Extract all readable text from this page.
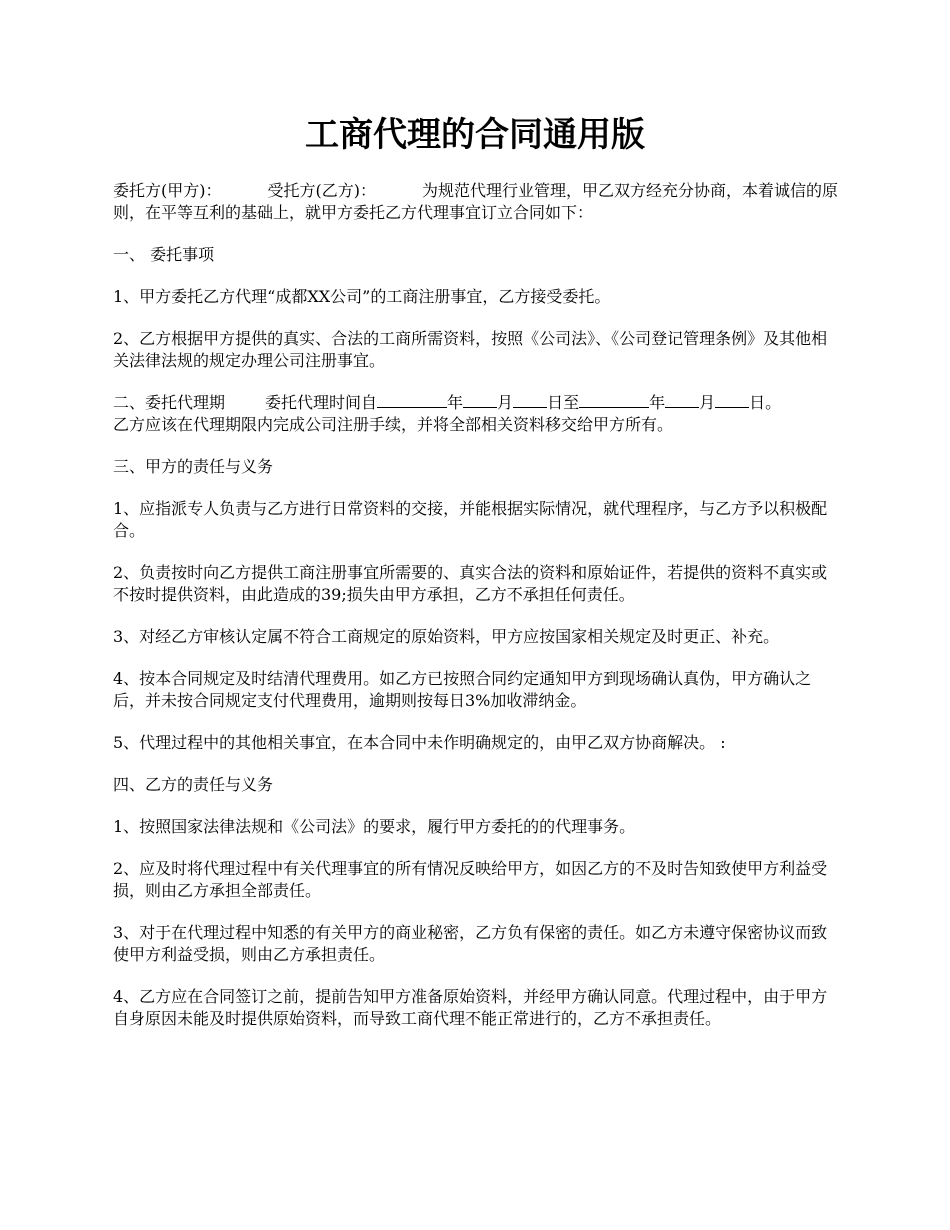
工商代理的合同通用版

委托方(甲方)：	受托方(乙方)：	为规范代理行业管理，甲乙双方经充分协商，本着诚信的原则，在平等互利的基础上，就甲方委托乙方代理事宜订立合同如下：

一、 委托事项

1、甲方委托乙方代理“成都XX公司”的工商注册事宜，乙方接受委托。

2、乙方根据甲方提供的真实、合法的工商所需资料，按照《公司法》、《公司登记管理条例》及其他相关法律法规的规定办理公司注册事宜。

二、委托代理期	委托代理时间自	年 月 日至	年 月 日。
乙方应该在代理期限内完成公司注册手续，并将全部相关资料移交给甲方所有。

三、甲方的责任与义务

1、应指派专人负责与乙方进行日常资料的交接，并能根据实际情况，就代理程序，与乙方予以积极配合。

2、负责按时向乙方提供工商注册事宜所需要的、真实合法的资料和原始证件，若提供的资料不真实或不按时提供资料，由此造成的39;损失由甲方承担，乙方不承担任何责任。

3、对经乙方审核认定属不符合工商规定的原始资料，甲方应按国家相关规定及时更正、补充。

4、按本合同规定及时结清代理费用。如乙方已按照合同约定通知甲方到现场确认真伪，甲方确认之后，并未按合同规定支付代理费用，逾期则按每日3%加收滞纳金。

5、代理过程中的其他相关事宜，在本合同中未作明确规定的，由甲乙双方协商解决。 :

四、乙方的责任与义务

1、按照国家法律法规和《公司法》的要求，履行甲方委托的的代理事务。

2、应及时将代理过程中有关代理事宜的所有情况反映给甲方，如因乙方的不及时告知致使甲方利益受损，则由乙方承担全部责任。

3、对于在代理过程中知悉的有关甲方的商业秘密，乙方负有保密的责任。如乙方未遵守保密协议而致使甲方利益受损，则由乙方承担责任。

4、乙方应在合同签订之前，提前告知甲方准备原始资料，并经甲方确认同意。代理过程中，由于甲方自身原因未能及时提供原始资料，而导致工商代理不能正常进行的，乙方不承担责任。
